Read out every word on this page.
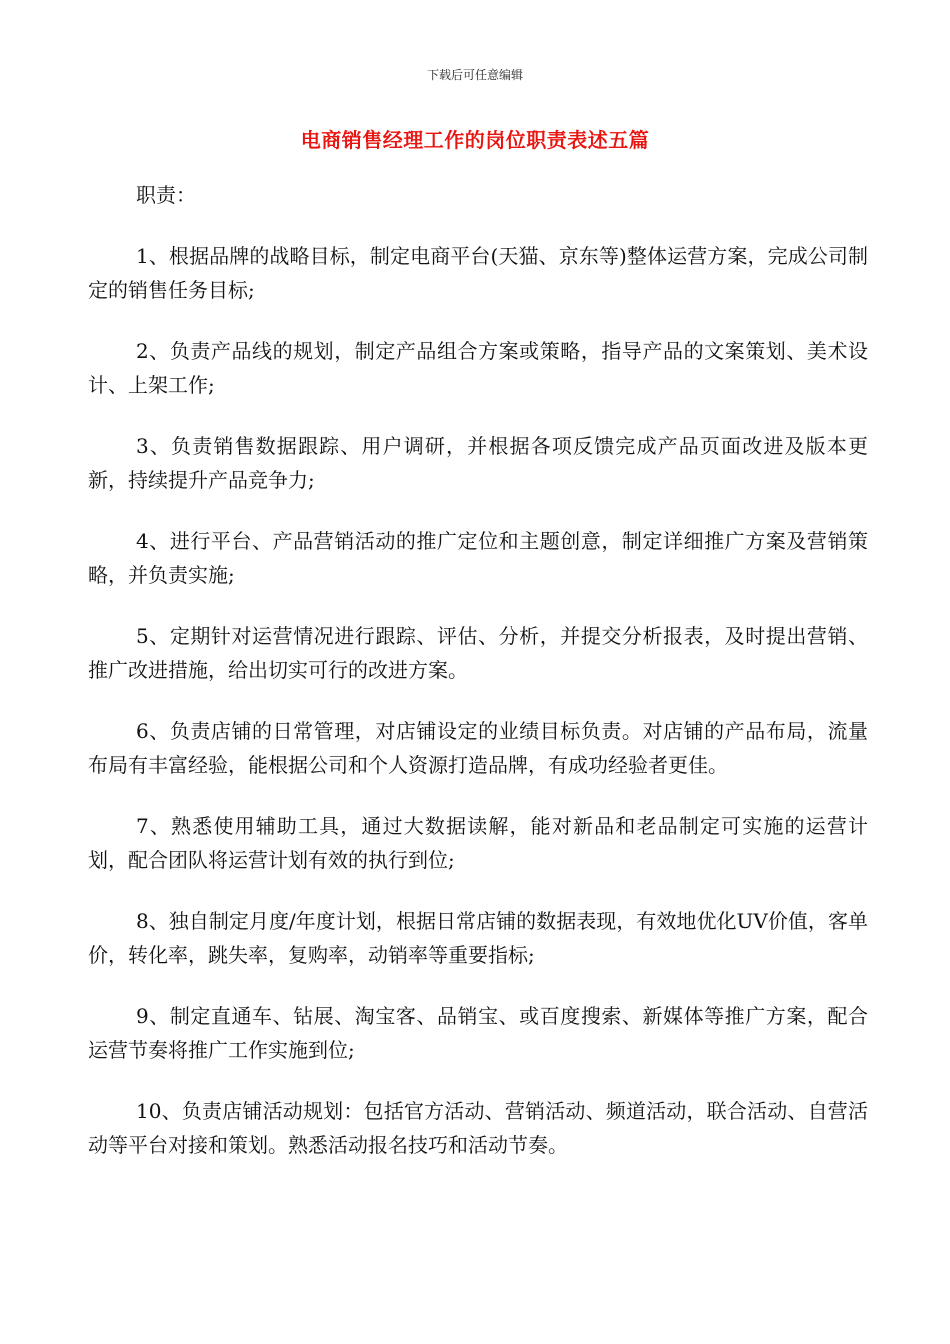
下载后可任意编辑
电商销售经理工作的岗位职责表述五篇

职责：

1、根据品牌的战略目标，制定电商平台(天猫、京东等)整体运营方案，完成公司制定的销售任务目标;

2、负责产品线的规划，制定产品组合方案或策略，指导产品的文案策划、美术设计、上架工作;

3、负责销售数据跟踪、用户调研，并根据各项反馈完成产品页面改进及版本更新，持续提升产品竞争力;

4、进行平台、产品营销活动的推广定位和主题创意，制定详细推广方案及营销策略，并负责实施;

5、定期针对运营情况进行跟踪、评估、分析，并提交分析报表，及时提出营销、推广改进措施，给出切实可行的改进方案。

6、负责店铺的日常管理，对店铺设定的业绩目标负责。对店铺的产品布局，流量布局有丰富经验，能根据公司和个人资源打造品牌，有成功经验者更佳。

7、熟悉使用辅助工具，通过大数据读解，能对新品和老品制定可实施的运营计划，配合团队将运营计划有效的执行到位;

8、独自制定月度/年度计划，根据日常店铺的数据表现，有效地优化UV价值，客单价，转化率，跳失率，复购率，动销率等重要指标;

9、制定直通车、钻展、淘宝客、品销宝、或百度搜索、新媒体等推广方案，配合运营节奏将推广工作实施到位;

10、负责店铺活动规划：包括官方活动、营销活动、频道活动，联合活动、自营活动等平台对接和策划。熟悉活动报名技巧和活动节奏。
